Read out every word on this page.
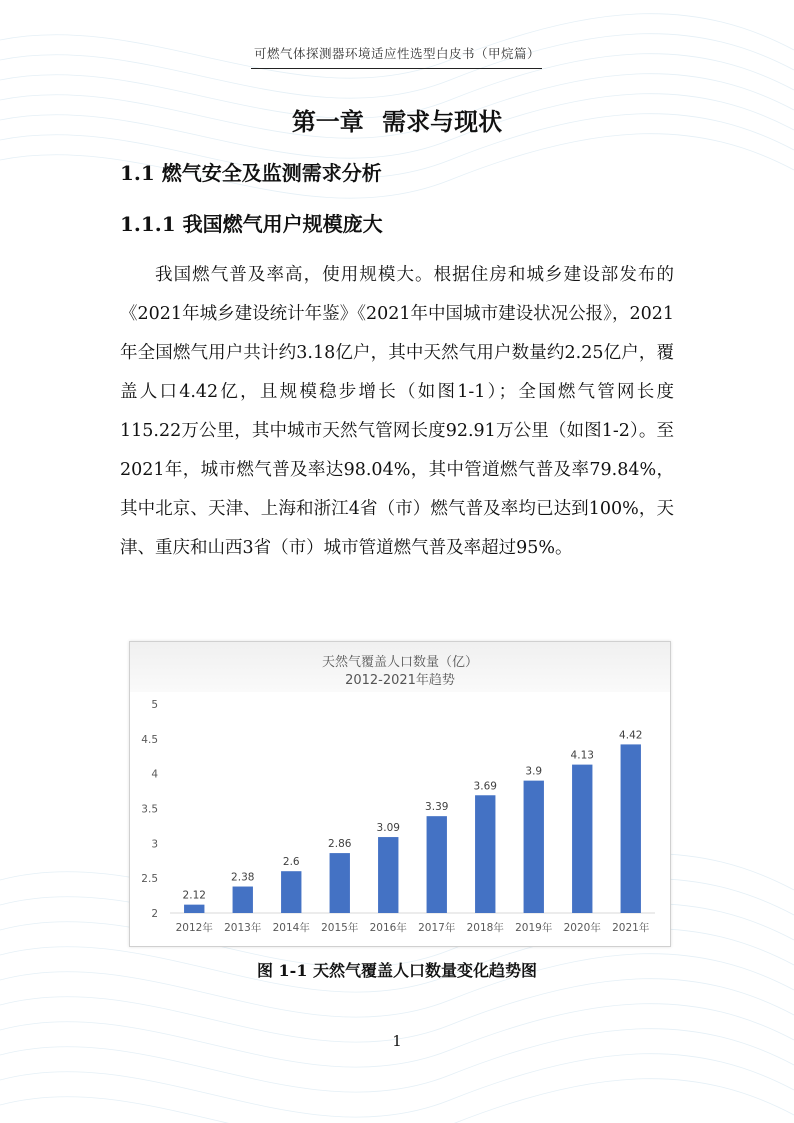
可燃气体探测器环境适应性选型白皮书（甲烷篇）
第一章 需求与现状
1.1 燃气安全及监测需求分析
1.1.1 我国燃气用户规模庞大

我国燃气普及率高，使用规模大。根据住房和城乡建设部发布的《2021年城乡建设统计年鉴》《2021年中国城市建设状况公报》，2021年全国燃气用户共计约3.18亿户，其中天然气用户数量约2.25亿户，覆盖人口4.42亿，且规模稳步增长（如图1-1）；全国燃气管网长度115.22万公里，其中城市天然气管网长度92.91万公里（如图1-2）。至2021年，城市燃气普及率达98.04%，其中管道燃气普及率79.84%，其中北京、天津、上海和浙江4省（市）燃气普及率均已达到100%，天津、重庆和山西3省（市）城市管道燃气普及率超过95%。

天然气覆盖人口数量（亿）
2012-2021年趋势
2
2.5
3
3.5
4
4.5
5
2.12
2.38
2.6
2.86
3.09
3.39
3.69
3.9
4.13
4.42
2012年 2013年 2014年 2015年 2016年 2017年 2018年 2019年 2020年 2021年
图 1-1 天然气覆盖人口数量变化趋势图
1
